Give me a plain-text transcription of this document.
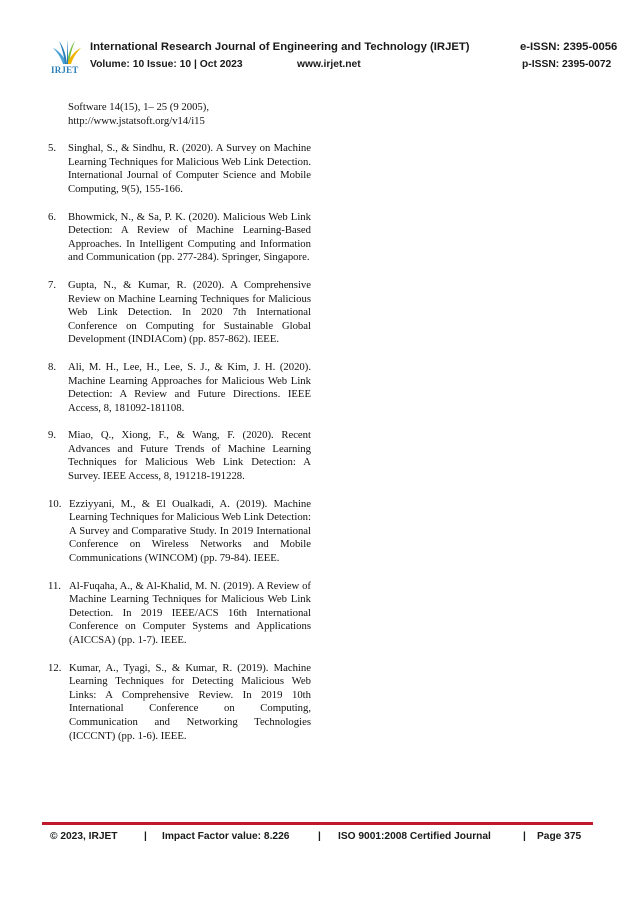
IRJET
International Research Journal of Engineering and Technology (IRJET)	e-ISSN: 2395-0056
Volume: 10 Issue: 10 | Oct 2023	www.irjet.net	p-ISSN: 2395-0072
Software 14(15), 1– 25 (9 2005), http://www.jstatsoft.org/v14/i15
5. Singhal, S., & Sindhu, R. (2020). A Survey on Machine Learning Techniques for Malicious Web Link Detection. International Journal of Computer Science and Mobile Computing, 9(5), 155-166.
6. Bhowmick, N., & Sa, P. K. (2020). Malicious Web Link Detection: A Review of Machine Learning-Based Approaches. In Intelligent Computing and Information and Communication (pp. 277-284). Springer, Singapore.
7. Gupta, N., & Kumar, R. (2020). A Comprehensive Review on Machine Learning Techniques for Malicious Web Link Detection. In 2020 7th International Conference on Computing for Sustainable Global Development (INDIACom) (pp. 857-862). IEEE.
8. Ali, M. H., Lee, H., Lee, S. J., & Kim, J. H. (2020). Machine Learning Approaches for Malicious Web Link Detection: A Review and Future Directions. IEEE Access, 8, 181092-181108.
9. Miao, Q., Xiong, F., & Wang, F. (2020). Recent Advances and Future Trends of Machine Learning Techniques for Malicious Web Link Detection: A Survey. IEEE Access, 8, 191218-191228.
10. Ezziyyani, M., & El Oualkadi, A. (2019). Machine Learning Techniques for Malicious Web Link Detection: A Survey and Comparative Study. In 2019 International Conference on Wireless Networks and Mobile Communications (WINCOM) (pp. 79-84). IEEE.
11. Al-Fuqaha, A., & Al-Khalid, M. N. (2019). A Review of Machine Learning Techniques for Malicious Web Link Detection. In 2019 IEEE/ACS 16th International Conference on Computer Systems and Applications (AICCSA) (pp. 1-7). IEEE.
12. Kumar, A., Tyagi, S., & Kumar, R. (2019). Machine Learning Techniques for Detecting Malicious Web Links: A Comprehensive Review. In 2019 10th International Conference on Computing, Communication and Networking Technologies (ICCCNT) (pp. 1-6). IEEE.
© 2023, IRJET	| Impact Factor value: 8.226	| ISO 9001:2008 Certified Journal	| Page 375
